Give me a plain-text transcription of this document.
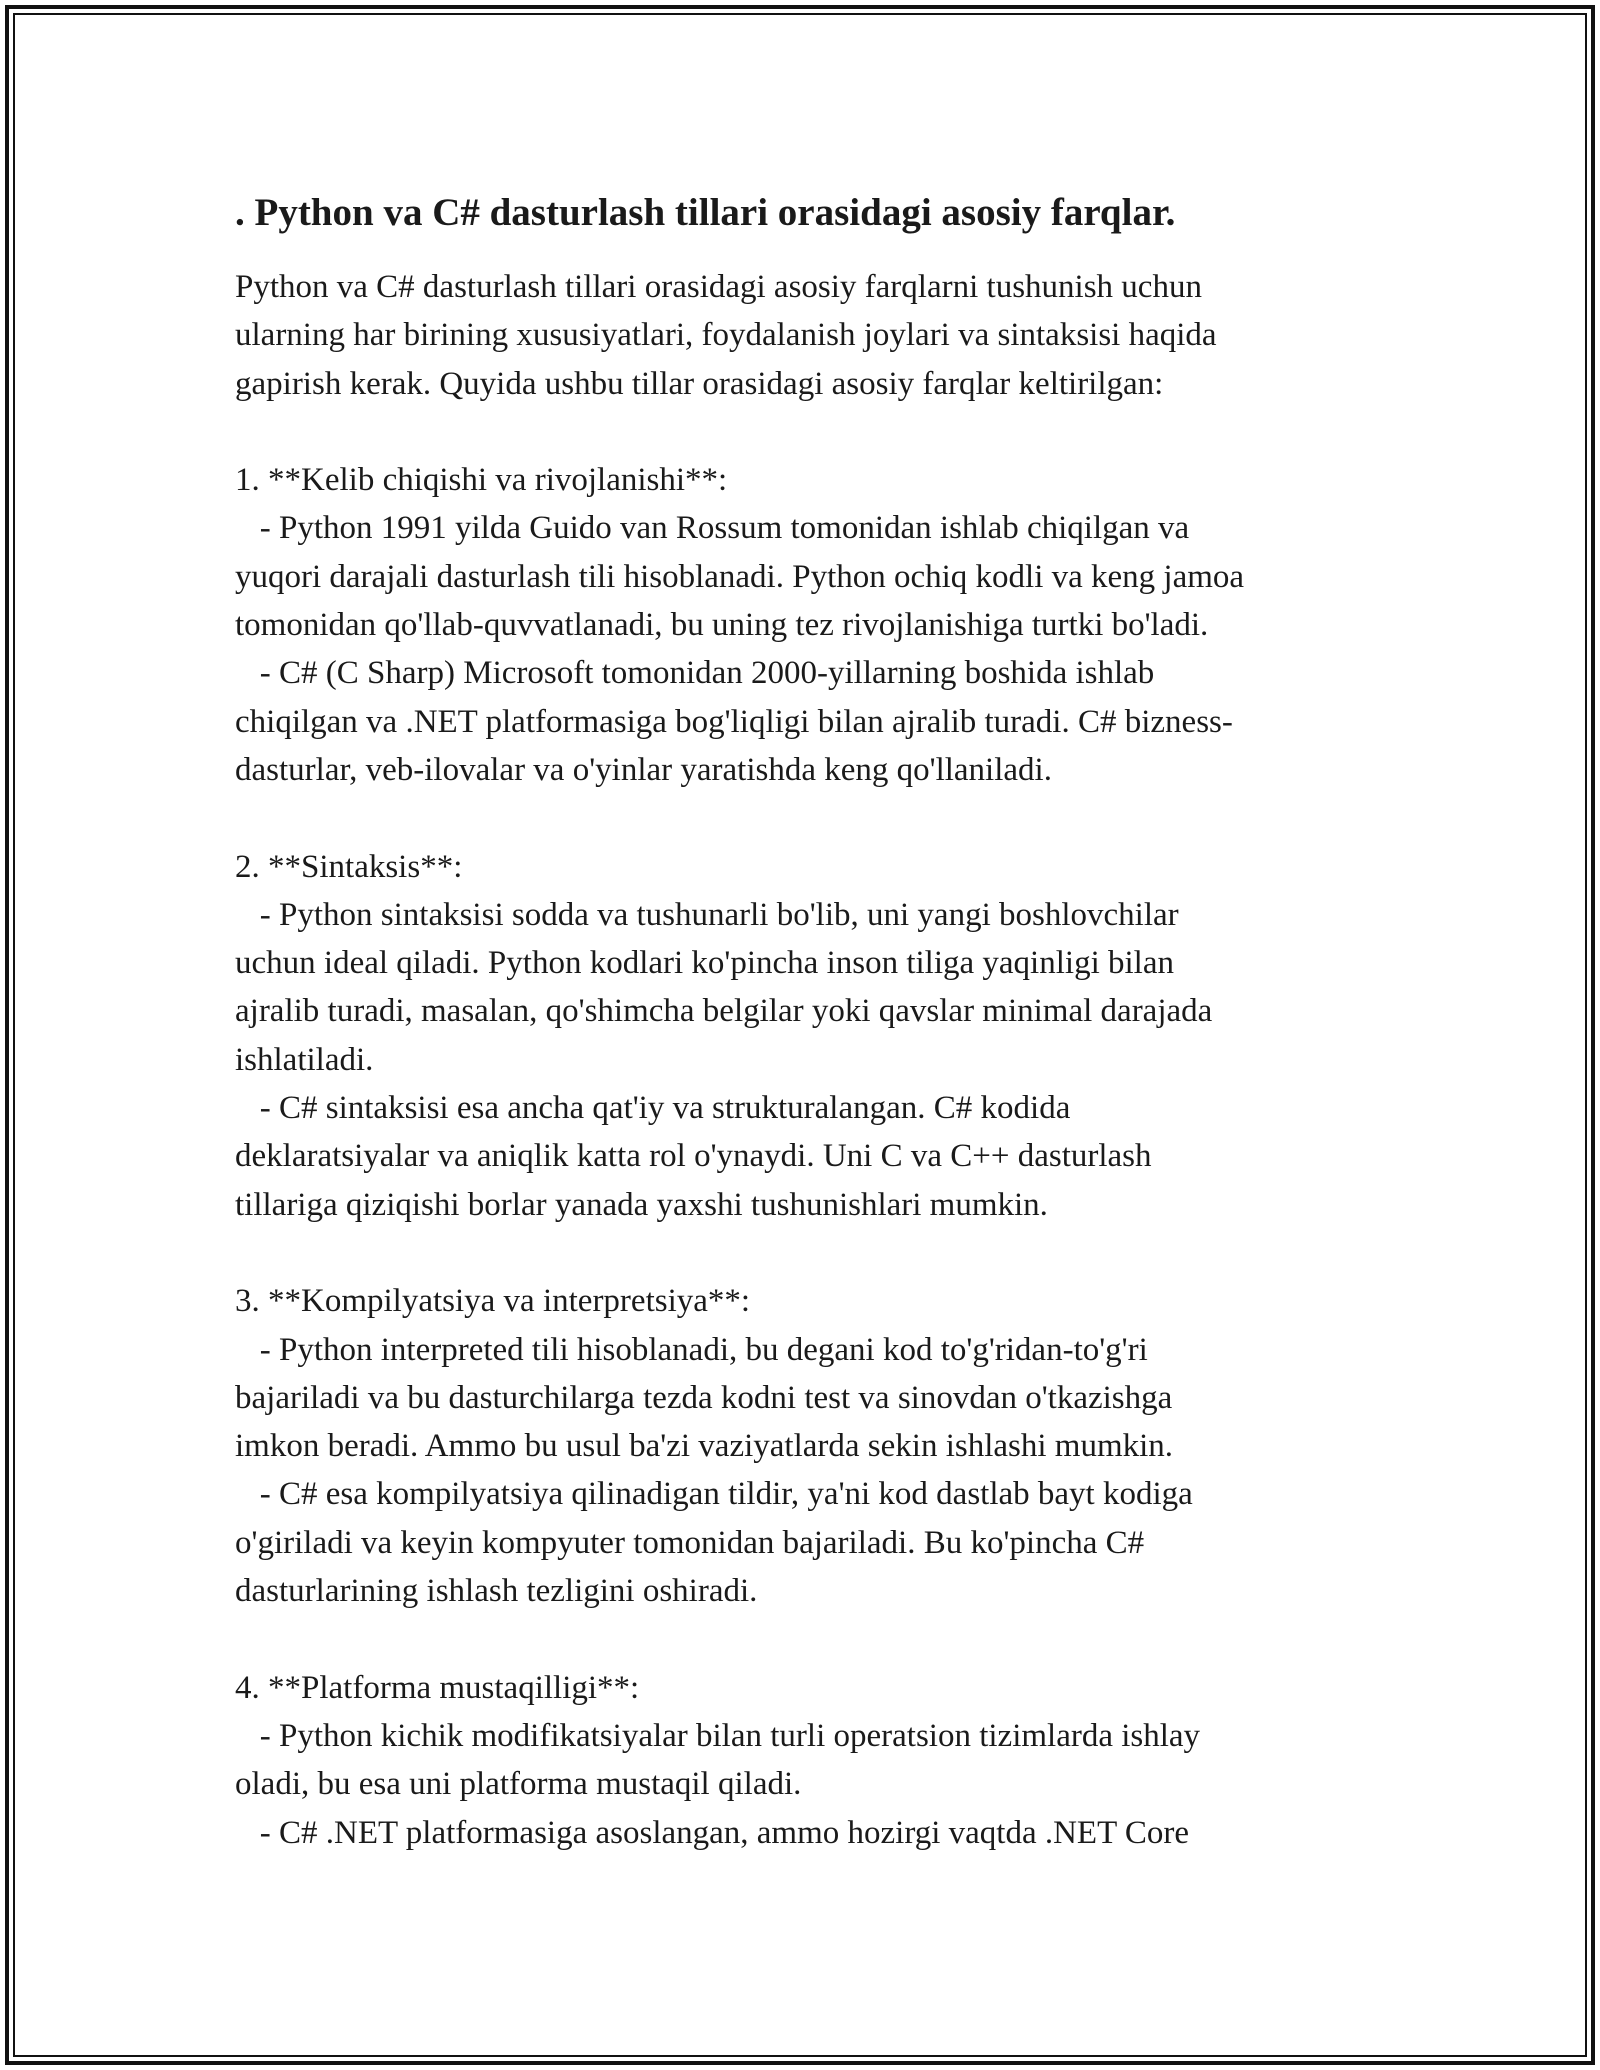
. Python va C# dasturlash tillari orasidagi asosiy farqlar.
Python va C# dasturlash tillari orasidagi asosiy farqlarni tushunish uchun
ularning har birining xususiyatlari, foydalanish joylari va sintaksisi haqida
gapirish kerak. Quyida ushbu tillar orasidagi asosiy farqlar keltirilgan:
1. **Kelib chiqishi va rivojlanishi**:
- Python 1991 yilda Guido van Rossum tomonidan ishlab chiqilgan va
yuqori darajali dasturlash tili hisoblanadi. Python ochiq kodli va keng jamoa
tomonidan qo'llab-quvvatlanadi, bu uning tez rivojlanishiga turtki bo'ladi.
- C# (C Sharp) Microsoft tomonidan 2000-yillarning boshida ishlab
chiqilgan va .NET platformasiga bog'liqligi bilan ajralib turadi. C# bizness-
dasturlar, veb-ilovalar va o'yinlar yaratishda keng qo'llaniladi.
2. **Sintaksis**:
- Python sintaksisi sodda va tushunarli bo'lib, uni yangi boshlovchilar
uchun ideal qiladi. Python kodlari ko'pincha inson tiliga yaqinligi bilan
ajralib turadi, masalan, qo'shimcha belgilar yoki qavslar minimal darajada
ishlatiladi.
- C# sintaksisi esa ancha qat'iy va strukturalangan. C# kodida
deklaratsiyalar va aniqlik katta rol o'ynaydi. Uni C va C++ dasturlash
tillariga qiziqishi borlar yanada yaxshi tushunishlari mumkin.
3. **Kompilyatsiya va interpretsiya**:
- Python interpreted tili hisoblanadi, bu degani kod to'g'ridan-to'g'ri
bajariladi va bu dasturchilarga tezda kodni test va sinovdan o'tkazishga
imkon beradi. Ammo bu usul ba'zi vaziyatlarda sekin ishlashi mumkin.
- C# esa kompilyatsiya qilinadigan tildir, ya'ni kod dastlab bayt kodiga
o'giriladi va keyin kompyuter tomonidan bajariladi. Bu ko'pincha C#
dasturlarining ishlash tezligini oshiradi.
4. **Platforma mustaqilligi**:
- Python kichik modifikatsiyalar bilan turli operatsion tizimlarda ishlay
oladi, bu esa uni platforma mustaqil qiladi.
- C# .NET platformasiga asoslangan, ammo hozirgi vaqtda .NET Core
